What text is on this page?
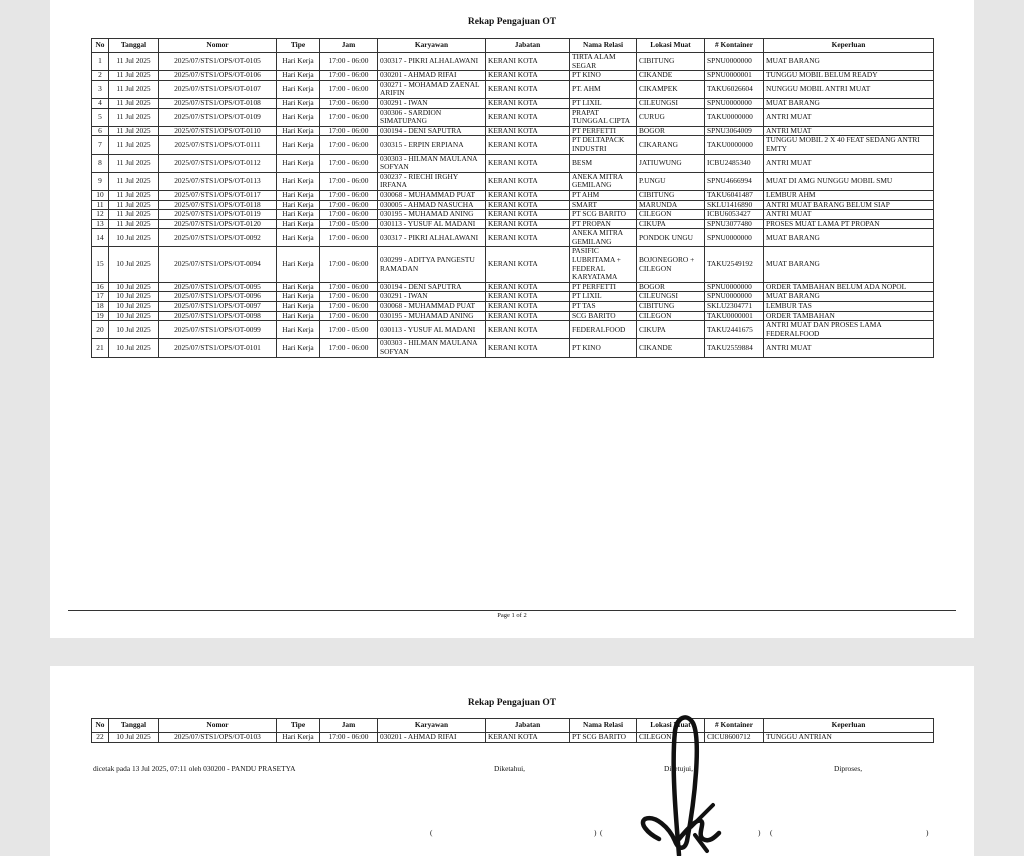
Rekap Pengajuan OT
No	Tanggal	Nomor	Tipe	Jam	Karyawan	Jabatan	Nama Relasi	Lokasi Muat	# Kontainer	Keperluan
1	11 Jul 2025	2025/07/STS1/OPS/OT-0105	Hari Kerja	17:00 - 06:00	030317 - PIKRI ALHALAWANI	KERANI KOTA	TIRTA ALAM SEGAR	CIBITUNG	SPNU0000000	MUAT BARANG
2	11 Jul 2025	2025/07/STS1/OPS/OT-0106	Hari Kerja	17:00 - 06:00	030201 - AHMAD RIFAI	KERANI KOTA	PT KINO	CIKANDE	SPNU0000001	TUNGGU MOBIL BELUM READY
3	11 Jul 2025	2025/07/STS1/OPS/OT-0107	Hari Kerja	17:00 - 06:00	030271 - MOHAMAD ZAENAL ARIFIN	KERANI KOTA	PT. AHM	CIKAMPEK	TAKU6026604	NUNGGU MOBIL ANTRI MUAT
4	11 Jul 2025	2025/07/STS1/OPS/OT-0108	Hari Kerja	17:00 - 06:00	030291 - IWAN	KERANI KOTA	PT LIXIL	CILEUNGSI	SPNU0000000	MUAT BARANG
5	11 Jul 2025	2025/07/STS1/OPS/OT-0109	Hari Kerja	17:00 - 06:00	030306 - SARDION SIMATUPANG	KERANI KOTA	PRAPAT TUNGGAL CIPTA	CURUG	TAKU0000000	ANTRI MUAT
6	11 Jul 2025	2025/07/STS1/OPS/OT-0110	Hari Kerja	17:00 - 06:00	030194 - DENI SAPUTRA	KERANI KOTA	PT PERFETTI	BOGOR	SPNU3064009	ANTRI MUAT
7	11 Jul 2025	2025/07/STS1/OPS/OT-0111	Hari Kerja	17:00 - 06:00	030315 - ERPIN ERPIANA	KERANI KOTA	PT DELTAPACK INDUSTRI	CIKARANG	TAKU0000000	TUNGGU MOBIL 2 X 40 FEAT SEDANG ANTRI EMTY
8	11 Jul 2025	2025/07/STS1/OPS/OT-0112	Hari Kerja	17:00 - 06:00	030303 - HILMAN MAULANA SOFYAN	KERANI KOTA	BESM	JATIUWUNG	ICBU2485340	ANTRI MUAT
9	11 Jul 2025	2025/07/STS1/OPS/OT-0113	Hari Kerja	17:00 - 06:00	030237 - RIECHI IRGHY IRFANA	KERANI KOTA	ANEKA MITRA GEMILANG	P.UNGU	SPNU4666994	MUAT DI AMG NUNGGU MOBIL SMU
10	11 Jul 2025	2025/07/STS1/OPS/OT-0117	Hari Kerja	17:00 - 06:00	030068 - MUHAMMAD PUAT	KERANI KOTA	PT AHM	CIBITUNG	TAKU6041487	LEMBUR AHM
11	11 Jul 2025	2025/07/STS1/OPS/OT-0118	Hari Kerja	17:00 - 06:00	030005 - AHMAD NASUCHA	KERANI KOTA	SMART	MARUNDA	SKLU1416890	ANTRI MUAT BARANG BELUM SIAP
12	11 Jul 2025	2025/07/STS1/OPS/OT-0119	Hari Kerja	17:00 - 06:00	030195 - MUHAMAD ANING	KERANI KOTA	PT SCG BARITO	CILEGON	ICBU6053427	ANTRI MUAT
13	11 Jul 2025	2025/07/STS1/OPS/OT-0120	Hari Kerja	17:00 - 05:00	030113 - YUSUF AL MADANI	KERANI KOTA	PT PROPAN	CIKUPA	SPNU3077480	PROSES MUAT LAMA PT PROPAN
14	10 Jul 2025	2025/07/STS1/OPS/OT-0092	Hari Kerja	17:00 - 06:00	030317 - PIKRI ALHALAWANI	KERANI KOTA	ANEKA MITRA GEMILANG	PONDOK UNGU	SPNU0000000	MUAT BARANG
15	10 Jul 2025	2025/07/STS1/OPS/OT-0094	Hari Kerja	17:00 - 06:00	030299 - ADITYA PANGESTU RAMADAN	KERANI KOTA	PASIFIC LUBRITAMA + FEDERAL KARYATAMA	BOJONEGORO + CILEGON	TAKU2549192	MUAT BARANG
16	10 Jul 2025	2025/07/STS1/OPS/OT-0095	Hari Kerja	17:00 - 06:00	030194 - DENI SAPUTRA	KERANI KOTA	PT PERFETTI	BOGOR	SPNU0000000	ORDER TAMBAHAN BELUM ADA NOPOL
17	10 Jul 2025	2025/07/STS1/OPS/OT-0096	Hari Kerja	17:00 - 06:00	030291 - IWAN	KERANI KOTA	PT LIXIL	CILEUNGSI	SPNU0000000	MUAT BARANG
18	10 Jul 2025	2025/07/STS1/OPS/OT-0097	Hari Kerja	17:00 - 06:00	030068 - MUHAMMAD PUAT	KERANI KOTA	PT TAS	CIBITUNG	SKLU2304771	LEMBUR TAS
19	10 Jul 2025	2025/07/STS1/OPS/OT-0098	Hari Kerja	17:00 - 06:00	030195 - MUHAMAD ANING	KERANI KOTA	SCG BARITO	CILEGON	TAKU0000001	ORDER TAMBAHAN
20	10 Jul 2025	2025/07/STS1/OPS/OT-0099	Hari Kerja	17:00 - 05:00	030113 - YUSUF AL MADANI	KERANI KOTA	FEDERALFOOD	CIKUPA	TAKU2441675	ANTRI MUAT DAN PROSES LAMA FEDERALFOOD
21	10 Jul 2025	2025/07/STS1/OPS/OT-0101	Hari Kerja	17:00 - 06:00	030303 - HILMAN MAULANA SOFYAN	KERANI KOTA	PT KINO	CIKANDE	TAKU2559884	ANTRI MUAT
Page 1 of 2
Rekap Pengajuan OT
No	Tanggal	Nomor	Tipe	Jam	Karyawan	Jabatan	Nama Relasi	Lokasi Muat	# Kontainer	Keperluan
22	10 Jul 2025	2025/07/STS1/OPS/OT-0103	Hari Kerja	17:00 - 06:00	030201 - AHMAD RIFAI	KERANI KOTA	PT SCG BARITO	CILEGON	CICU8600712	TUNGGU ANTRIAN
dicetak pada 13 Jul 2025, 07:11 oleh 030200 - PANDU PRASETYA	Diketahui,	Disetujui,	Diproses,
(	) (	) (	)
